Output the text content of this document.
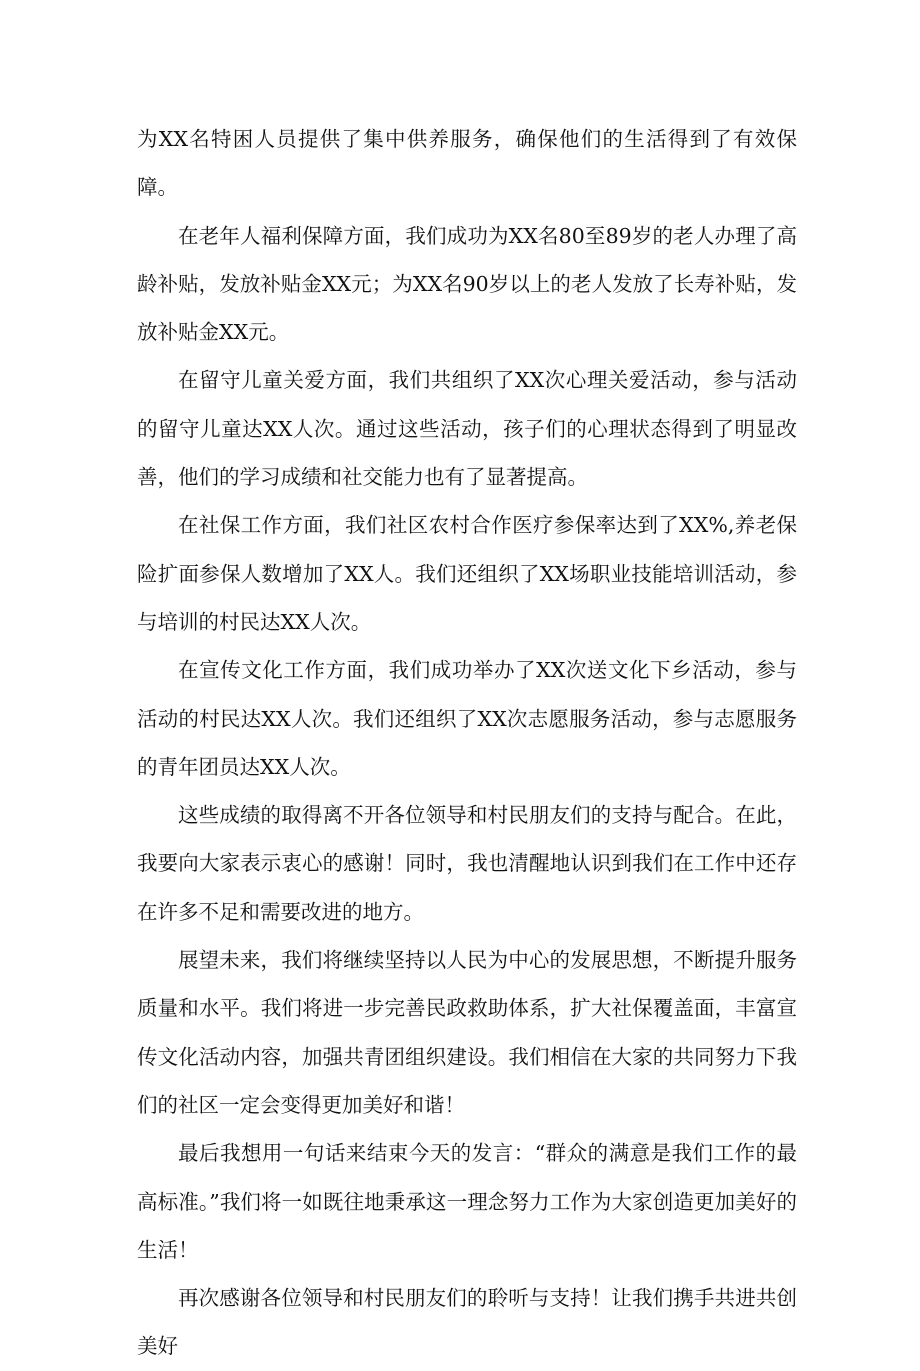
为XX名特困人员提供了集中供养服务，确保他们的生活得到了有效保障。

在老年人福利保障方面，我们成功为XX名80至89岁的老人办理了高龄补贴，发放补贴金XX元；为XX名90岁以上的老人发放了长寿补贴，发放补贴金XX元。

在留守儿童关爱方面，我们共组织了XX次心理关爱活动，参与活动的留守儿童达XX人次。通过这些活动，孩子们的心理状态得到了明显改善，他们的学习成绩和社交能力也有了显著提高。

在社保工作方面，我们社区农村合作医疗参保率达到了XX%,养老保险扩面参保人数增加了XX人。我们还组织了XX场职业技能培训活动，参与培训的村民达XX人次。

在宣传文化工作方面，我们成功举办了XX次送文化下乡活动，参与活动的村民达XX人次。我们还组织了XX次志愿服务活动，参与志愿服务的青年团员达XX人次。

这些成绩的取得离不开各位领导和村民朋友们的支持与配合。在此，我要向大家表示衷心的感谢！同时，我也清醒地认识到我们在工作中还存在许多不足和需要改进的地方。

展望未来，我们将继续坚持以人民为中心的发展思想，不断提升服务质量和水平。我们将进一步完善民政救助体系，扩大社保覆盖面，丰富宣传文化活动内容，加强共青团组织建设。我们相信在大家的共同努力下我们的社区一定会变得更加美好和谐！

最后我想用一句话来结束今天的发言：“群众的满意是我们工作的最高标准。”我们将一如既往地秉承这一理念努力工作为大家创造更加美好的生活！

再次感谢各位领导和村民朋友们的聆听与支持！让我们携手共进共创美好
